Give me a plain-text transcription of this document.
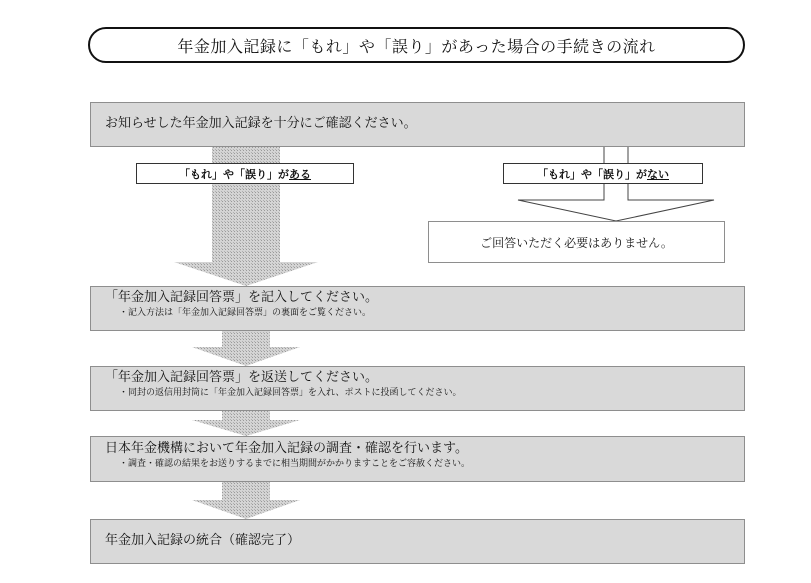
年金加入記録に「もれ」や「誤り」があった場合の手続きの流れ
お知らせした年金加入記録を十分にご確認ください。
「もれ」や「誤り」が ある	「もれ」や「誤り」が ない
ご回答いただく必要はありません。
「年金加入記録回答票」を記入してください。
・記入方法は「年金加入記録回答票」の裏面をご覧ください。
「年金加入記録回答票」を返送してください。
・同封の返信用封筒に「年金加入記録回答票」を入れ、ポストに投函してください。
日本年金機構において年金加入記録の調査・確認を行います。
・調査・確認の結果をお送りするまでに相当期間がかかりますことをご容赦ください。
年金加入記録の統合（確認完了）
